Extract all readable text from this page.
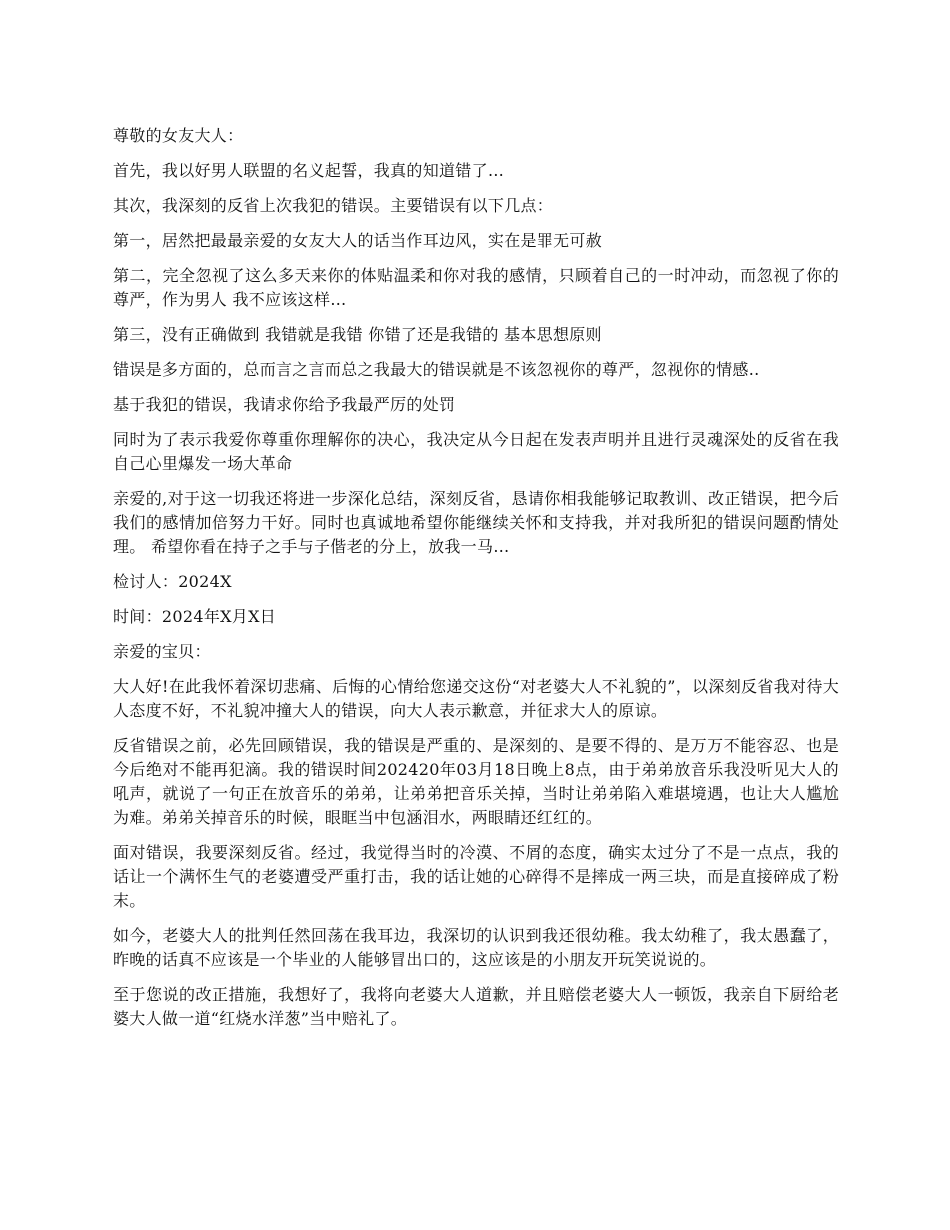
尊敬的女友大人：

首先，我以好男人联盟的名义起誓，我真的知道错了…

其次，我深刻的反省上次我犯的错误。主要错误有以下几点：

第一，居然把最最亲爱的女友大人的话当作耳边风，实在是罪无可赦

第二，完全忽视了这么多天来你的体贴温柔和你对我的感情，只顾着自己的一时冲动，而忽视了你的尊严，作为男人 我不应该这样…

第三，没有正确做到 我错就是我错 你错了还是我错的 基本思想原则

错误是多方面的，总而言之言而总之我最大的错误就是不该忽视你的尊严，忽视你的情感..

基于我犯的错误，我请求你给予我最严厉的处罚

同时为了表示我爱你尊重你理解你的决心，我决定从今日起在发表声明并且进行灵魂深处的反省在我自己心里爆发一场大革命

亲爱的,对于这一切我还将进一步深化总结，深刻反省，恳请你相我能够记取教训、改正错误，把今后我们的感情加倍努力干好。同时也真诚地希望你能继续关怀和支持我，并对我所犯的错误问题酌情处理。 希望你看在持子之手与子偕老的分上，放我一马…

检讨人：2024X

时间：2024年X月X日

亲爱的宝贝：

大人好!在此我怀着深切悲痛、后悔的心情给您递交这份“对老婆大人不礼貌的”，以深刻反省我对待大人态度不好，不礼貌冲撞大人的错误，向大人表示歉意，并征求大人的原谅。

反省错误之前，必先回顾错误，我的错误是严重的、是深刻的、是要不得的、是万万不能容忍、也是今后绝对不能再犯滴。我的错误时间202420年03月18日晚上8点，由于弟弟放音乐我没听见大人的吼声，就说了一句正在放音乐的弟弟，让弟弟把音乐关掉，当时让弟弟陷入难堪境遇，也让大人尴尬为难。弟弟关掉音乐的时候，眼眶当中包涵泪水，两眼睛还红红的。

面对错误，我要深刻反省。经过，我觉得当时的冷漠、不屑的态度，确实太过分了不是一点点，我的话让一个满怀生气的老婆遭受严重打击，我的话让她的心碎得不是摔成一两三块，而是直接碎成了粉末。

如今，老婆大人的批判任然回荡在我耳边，我深切的认识到我还很幼稚。我太幼稚了，我太愚蠢了，昨晚的话真不应该是一个毕业的人能够冒出口的，这应该是的小朋友开玩笑说说的。

至于您说的改正措施，我想好了，我将向老婆大人道歉，并且赔偿老婆大人一顿饭，我亲自下厨给老婆大人做一道“红烧水洋葱”当中赔礼了。
